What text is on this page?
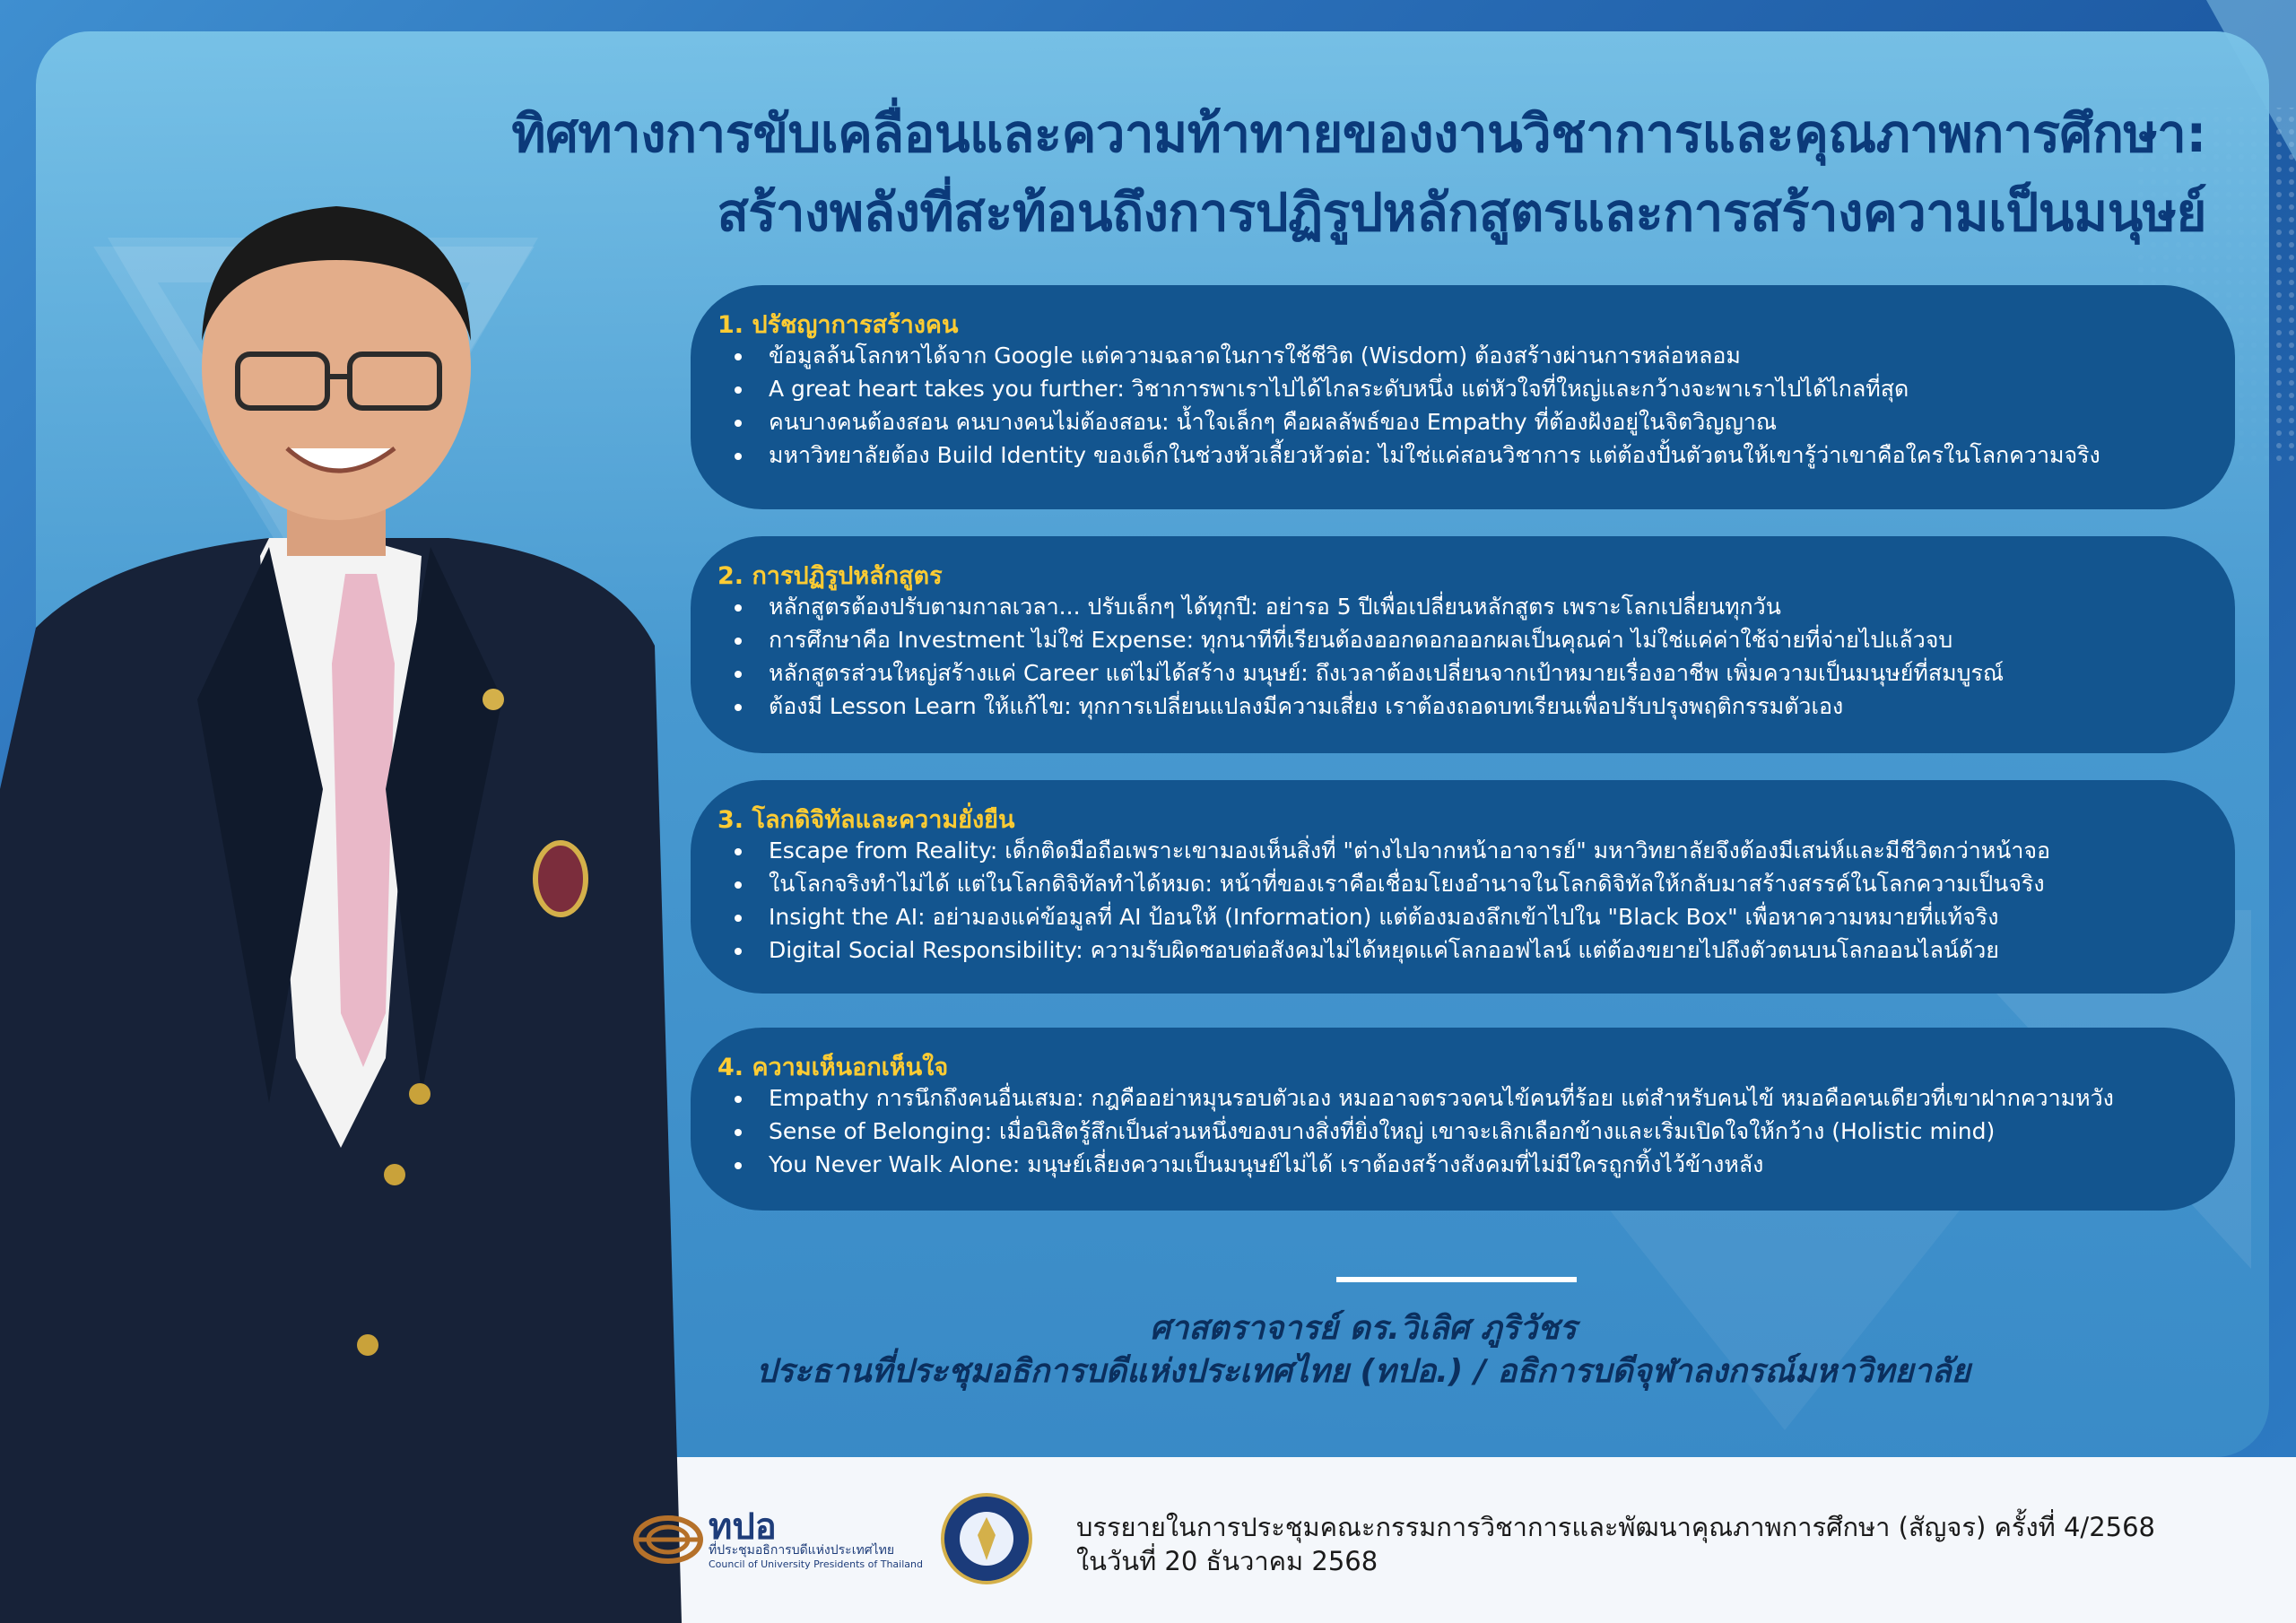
ทิศทางการขับเคลื่อนและความท้าทายของงานวิชาการและคุณภาพการศึกษา:
สร้างพลังที่สะท้อนถึงการปฏิรูปหลักสูตรและการสร้างความเป็นมนุษย์
1. ปรัชญาการสร้างคน
ข้อมูลล้นโลกหาได้จาก Google แต่ความฉลาดในการใช้ชีวิต (Wisdom) ต้องสร้างผ่านการหล่อหลอม
A great heart takes you further: วิชาการพาเราไปได้ไกลระดับหนึ่ง แต่หัวใจที่ใหญ่และกว้างจะพาเราไปได้ไกลที่สุด
คนบางคนต้องสอน คนบางคนไม่ต้องสอน: น้ำใจเล็กๆ คือผลลัพธ์ของ Empathy ที่ต้องฝังอยู่ในจิตวิญญาณ
มหาวิทยาลัยต้อง Build Identity ของเด็กในช่วงหัวเลี้ยวหัวต่อ: ไม่ใช่แค่สอนวิชาการ แต่ต้องปั้นตัวตนให้เขารู้ว่าเขาคือใครในโลกความจริง
2. การปฏิรูปหลักสูตร
หลักสูตรต้องปรับตามกาลเวลา... ปรับเล็กๆ ได้ทุกปี: อย่ารอ 5 ปีเพื่อเปลี่ยนหลักสูตร เพราะโลกเปลี่ยนทุกวัน
การศึกษาคือ Investment ไม่ใช่ Expense: ทุกนาทีที่เรียนต้องออกดอกออกผลเป็นคุณค่า ไม่ใช่แค่ค่าใช้จ่ายที่จ่ายไปแล้วจบ
หลักสูตรส่วนใหญ่สร้างแค่ Career แต่ไม่ได้สร้าง มนุษย์: ถึงเวลาต้องเปลี่ยนจากเป้าหมายเรื่องอาชีพ เพิ่มความเป็นมนุษย์ที่สมบูรณ์
ต้องมี Lesson Learn ให้แก้ไข: ทุกการเปลี่ยนแปลงมีความเสี่ยง เราต้องถอดบทเรียนเพื่อปรับปรุงพฤติกรรมตัวเอง
3. โลกดิจิทัลและความยั่งยืน
Escape from Reality: เด็กติดมือถือเพราะเขามองเห็นสิ่งที่ "ต่างไปจากหน้าอาจารย์" มหาวิทยาลัยจึงต้องมีเสน่ห์และมีชีวิตกว่าหน้าจอ
ในโลกจริงทำไม่ได้ แต่ในโลกดิจิทัลทำได้หมด: หน้าที่ของเราคือเชื่อมโยงอำนาจในโลกดิจิทัลให้กลับมาสร้างสรรค์ในโลกความเป็นจริง
Insight the AI: อย่ามองแค่ข้อมูลที่ AI ป้อนให้ (Information) แต่ต้องมองลึกเข้าไปใน "Black Box" เพื่อหาความหมายที่แท้จริง
Digital Social Responsibility: ความรับผิดชอบต่อสังคมไม่ได้หยุดแค่โลกออฟไลน์ แต่ต้องขยายไปถึงตัวตนบนโลกออนไลน์ด้วย
4. ความเห็นอกเห็นใจ
Empathy การนึกถึงคนอื่นเสมอ: กฎคืออย่าหมุนรอบตัวเอง หมออาจตรวจคนไข้คนที่ร้อย แต่สำหรับคนไข้ หมอคือคนเดียวที่เขาฝากความหวัง
Sense of Belonging: เมื่อนิสิตรู้สึกเป็นส่วนหนึ่งของบางสิ่งที่ยิ่งใหญ่ เขาจะเลิกเลือกข้างและเริ่มเปิดใจให้กว้าง (Holistic mind)
You Never Walk Alone: มนุษย์เลี่ยงความเป็นมนุษย์ไม่ได้ เราต้องสร้างสังคมที่ไม่มีใครถูกทิ้งไว้ข้างหลัง
ศาสตราจารย์ ดร.วิเลิศ ภูริวัชร
ประธานที่ประชุมอธิการบดีแห่งประเทศไทย (ทปอ.) / อธิการบดีจุฬาลงกรณ์มหาวิทยาลัย
ทปอ
ที่ประชุมอธิการบดีแห่งประเทศไทย
Council of University Presidents of Thailand
บรรยายในการประชุมคณะกรรมการวิชาการและพัฒนาคุณภาพการศึกษา (สัญจร) ครั้งที่ 4/2568
ในวันที่ 20 ธันวาคม 2568
